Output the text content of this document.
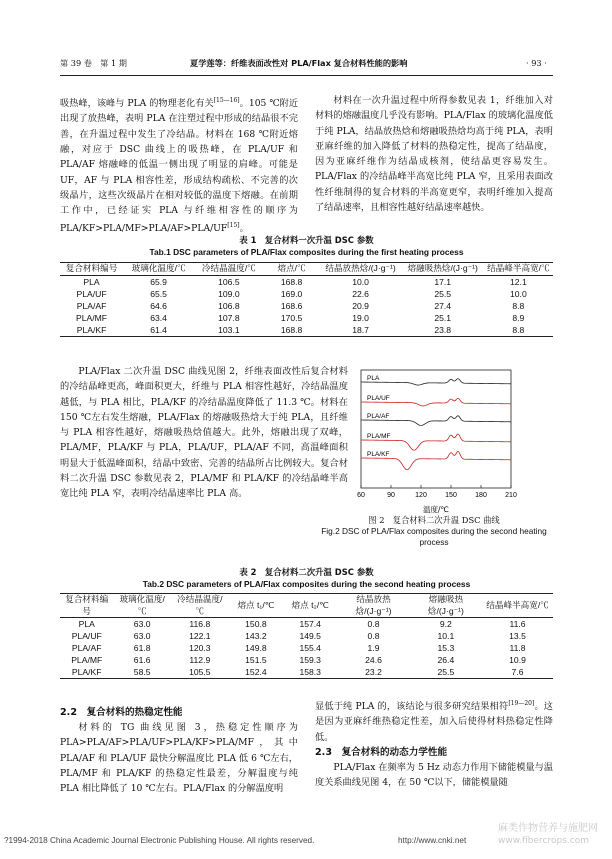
第 39 卷　第 1 期	夏学莲等：纤维表面改性对 PLA/Flax 复合材料性能的影响	· 93 ·

吸热峰，该峰与 PLA 的物理老化有关[15—16]。105 ℃附近出现了放热峰，表明 PLA 在注塑过程中形成的结晶很不完善，在升温过程中发生了冷结晶。材料在 168 ℃附近熔融，对应于 DSC 曲线上的吸热峰，在 PLA/UF 和 PLA/AF 熔融峰的低温一侧出现了明显的肩峰。可能是 UF，AF 与 PLA 相容性差，形成结构疏松、不完善的次级晶片，这些次级晶片在相对较低的温度下熔融。在前期工作中，已经证实 PLA 与纤维相容性的顺序为 PLA/KF>PLA/MF>PLA/AF>PLA/UF[15]。

材料在一次升温过程中所得参数见表 1，纤维加入对材料的熔融温度几乎没有影响。PLA/Flax 的玻璃化温度低于纯 PLA，结晶放热焓和熔融吸热焓均高于纯 PLA，表明亚麻纤维的加入降低了材料的热稳定性，提高了结晶度，因为亚麻纤维作为结晶成核剂，使结晶更容易发生。PLA/Flax 的冷结晶峰半高宽比纯 PLA 窄，且采用表面改性纤维制得的复合材料的半高宽更窄，表明纤维加入提高了结晶速率，且相容性越好结晶速率越快。

表 1　复合材料一次升温 DSC 参数
Tab.1 DSC parameters of PLA/Flax composites during the first heating process
复合材料编号	玻璃化温度/℃	冷结晶温度/℃	熔点/℃	结晶放热焓/(J·g⁻¹)	熔融吸热焓/(J·g⁻¹)	结晶峰半高宽/℃
PLA	65.9	106.5	168.8	10.0	17.1	12.1
PLA/UF	65.5	109.0	169.0	22.6	25.5	10.0
PLA/AF	64.6	106.8	168.6	20.9	27.4	8.8
PLA/MF	63.4	107.8	170.5	19.0	25.1	8.9
PLA/KF	61.4	103.1	168.8	18.7	23.8	8.8

PLA/Flax 二次升温 DSC 曲线见图 2，纤维表面改性后复合材料的冷结晶峰更高，峰面积更大，纤维与 PLA 相容性越好，冷结晶温度越低，与 PLA 相比，PLA/KF 的冷结晶温度降低了 11.3 ℃。材料在 150 ℃左右发生熔融，PLA/Flax 的熔融吸热焓大于纯 PLA，且纤维与 PLA 相容性越好，熔融吸热焓值越大。此外，熔融出现了双峰，PLA/MF，PLA/KF 与 PLA，PLA/UF，PLA/AF 不同，高温峰面积明显大于低温峰面积，结晶中致密、完善的结晶所占比例较大。复合材料二次升温 DSC 参数见表 2，PLA/MF 和 PLA/KF 的冷结晶峰半高宽比纯 PLA 窄，表明冷结晶速率比 PLA 高。

PLA
PLA/UF
PLA/AF
PLA/MF
PLA/KF
60	90	120	150	180	210
温度/℃
图 2　复合材料二次升温 DSC 曲线
Fig.2 DSC of PLA/Flax composites during the second heating process
表 2　复合材料二次升温 DSC 参数
Tab.2 DSC parameters of PLA/Flax composites during the second heating process
复合材料编号	玻璃化温度/℃	冷结晶温度/℃	熔点 t₁/℃	熔点 t₂/℃	结晶放热焓/(J·g⁻¹)	熔融吸热焓/(J·g⁻¹)	结晶峰半高宽/℃
PLA	63.0	116.8	150.8	157.4	0.8	9.2	11.6
PLA/UF	63.0	122.1	143.2	149.5	0.8	10.1	13.5
PLA/AF	61.8	120.3	149.8	155.4	1.9	15.3	11.8
PLA/MF	61.6	112.9	151.5	159.3	24.6	26.4	10.9
PLA/KF	58.5	105.5	152.4	158.3	23.2	25.5	7.6
2.2　复合材料的热稳定性能

材料的 TG 曲线见图 3，热稳定性顺序为 PLA>PLA/AF>PLA/UF>PLA/KF>PLA/MF，其中 PLA/AF 和 PLA/UF 最快分解温度比 PLA 低 6 ℃左右，PLA/MF 和 PLA/KF 的热稳定性最差，分解温度与纯 PLA 相比降低了 10 ℃左右。PLA/Flax 的分解温度明

显低于纯 PLA 的，该结论与很多研究结果相符[19—20]。这是因为亚麻纤维热稳定性差，加入后使得材料热稳定性降低。

2.3　复合材料的动态力学性能

PLA/Flax 在频率为 5 Hz 动态力作用下储能模量与温度关系曲线见图 4，在 50 ℃以下，储能模量随

?1994-2018 China Academic Journal Electronic Publishing House. All rights reserved.	http://www.cnki.net
麻类作物营养与施肥网
www.fibercrops.com
